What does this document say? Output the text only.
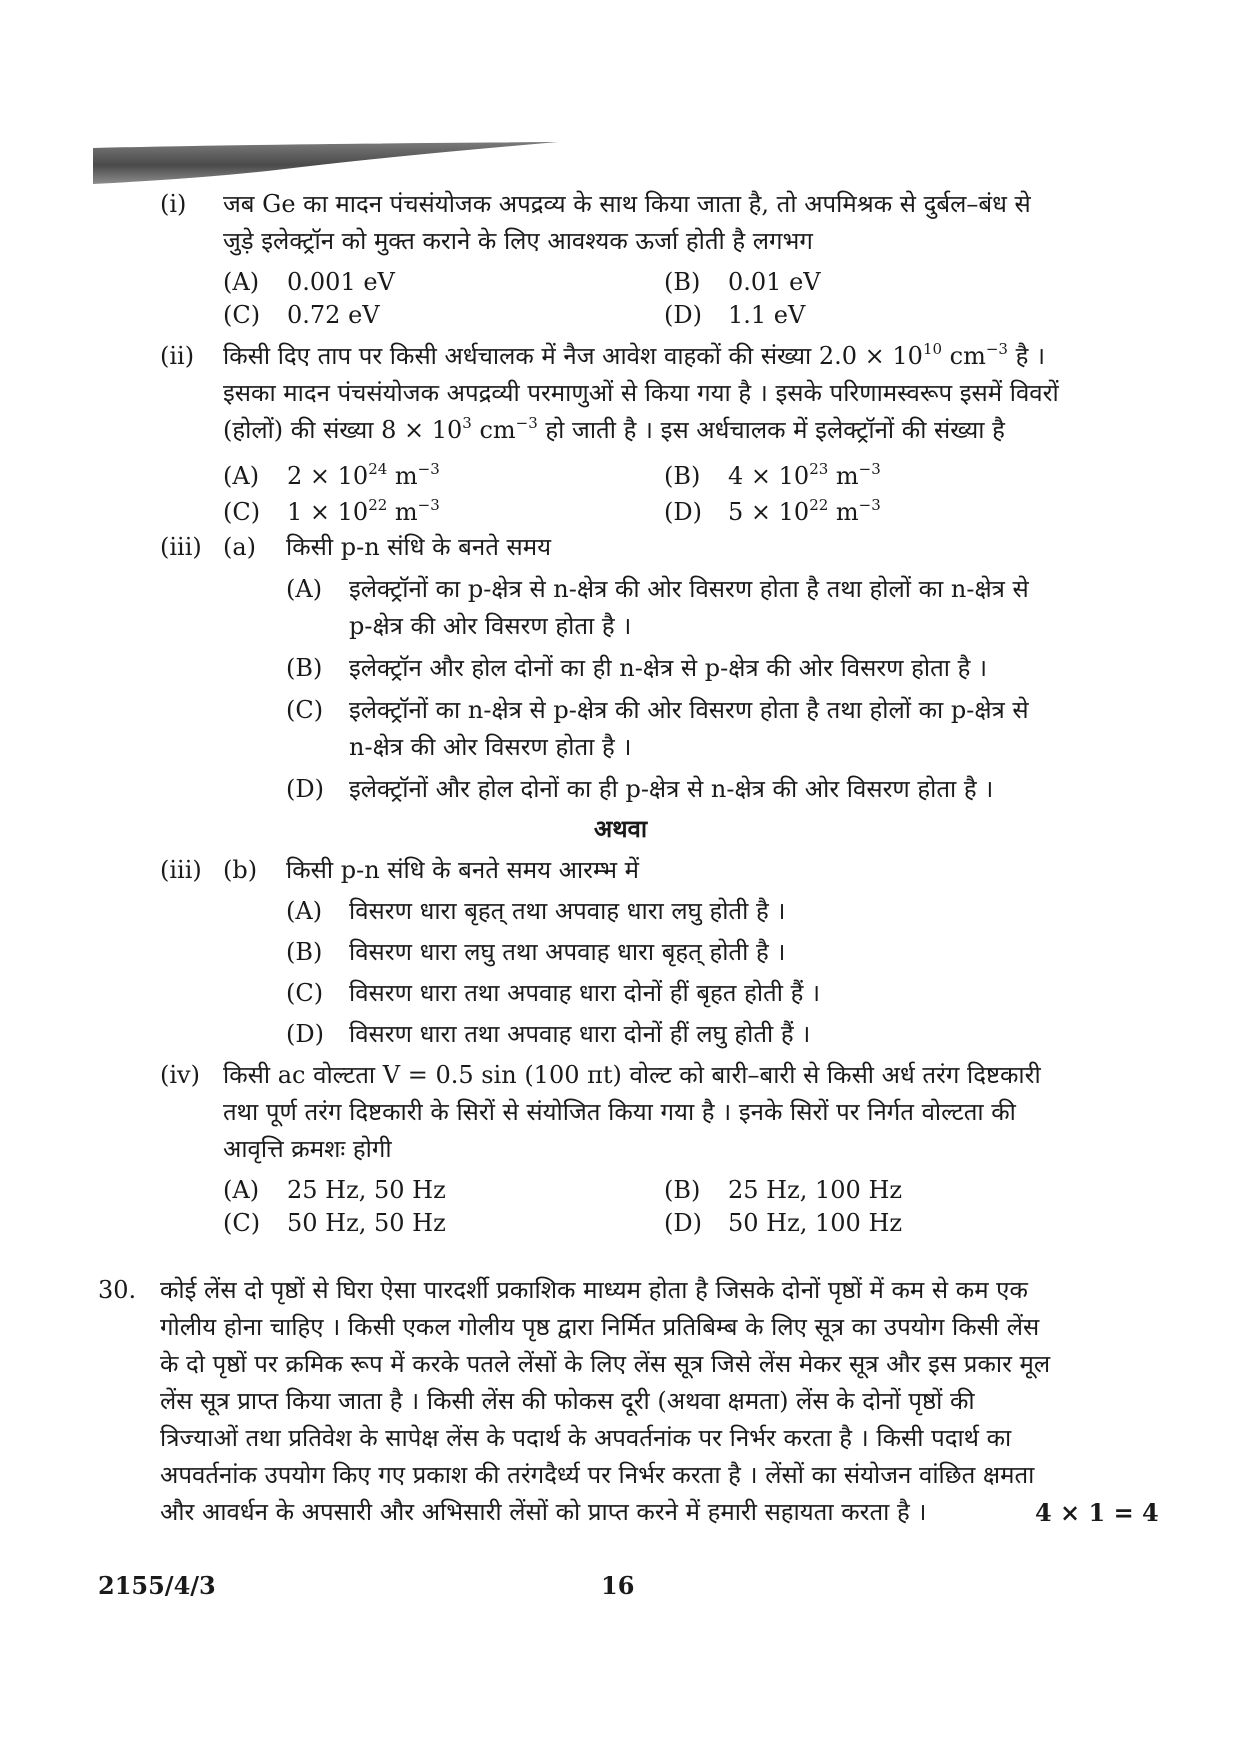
(i) जब Ge का मादन पंचसंयोजक अपद्रव्य के साथ किया जाता है, तो अपमिश्रक से दुर्बल–बंध से
जुड़े इलेक्ट्रॉन को मुक्त कराने के लिए आवश्यक ऊर्जा होती है लगभग
(A) 0.001 eV	(B) 0.01 eV
(C) 0.72 eV	(D) 1.1 eV
(ii) किसी दिए ताप पर किसी अर्धचालक में नैज आवेश वाहकों की संख्या $2.0 \times 10^{10}$ $cm^{-3}$ है ।
इसका मादन पंचसंयोजक अपद्रव्यी परमाणुओं से किया गया है । इसके परिणामस्वरूप इसमें विवरों
(होलों) की संख्या $8 \times 10^3$ $cm^{-3}$ हो जाती है । इस अर्धचालक में इलेक्ट्रॉनों की संख्या है
(A) $2 \times 10^{24}$ $m^{-3}$	(B) $4 \times 10^{23}$ $m^{-3}$
(C) $1 \times 10^{22}$ $m^{-3}$	(D) $5 \times 10^{22}$ $m^{-3}$
(iii) (a) किसी p-n संधि के बनते समय
(A) इलेक्ट्रॉनों का p-क्षेत्र से n-क्षेत्र की ओर विसरण होता है तथा होलों का n-क्षेत्र से
p-क्षेत्र की ओर विसरण होता है ।
(B) इलेक्ट्रॉन और होल दोनों का ही n-क्षेत्र से p-क्षेत्र की ओर विसरण होता है ।
(C) इलेक्ट्रॉनों का n-क्षेत्र से p-क्षेत्र की ओर विसरण होता है तथा होलों का p-क्षेत्र से
n-क्षेत्र की ओर विसरण होता है ।
(D) इलेक्ट्रॉनों और होल दोनों का ही p-क्षेत्र से n-क्षेत्र की ओर विसरण होता है ।
अथवा
(iii) (b) किसी p-n संधि के बनते समय आरम्भ में
(A) विसरण धारा बृहत् तथा अपवाह धारा लघु होती है ।
(B) विसरण धारा लघु तथा अपवाह धारा बृहत् होती है ।
(C) विसरण धारा तथा अपवाह धारा दोनों हीं बृहत होती हैं ।
(D) विसरण धारा तथा अपवाह धारा दोनों हीं लघु होती हैं ।
(iv) किसी ac वोल्टता V = 0.5 sin (100 πt) वोल्ट को बारी–बारी से किसी अर्ध तरंग दिष्टकारी
तथा पूर्ण तरंग दिष्टकारी के सिरों से संयोजित किया गया है । इनके सिरों पर निर्गत वोल्टता की
आवृत्ति क्रमशः होगी
(A) 25 Hz, 50 Hz	(B) 25 Hz, 100 Hz
(C) 50 Hz, 50 Hz	(D) 50 Hz, 100 Hz
30. कोई लेंस दो पृष्ठों से घिरा ऐसा पारदर्शी प्रकाशिक माध्यम होता है जिसके दोनों पृष्ठों में कम से कम एक
गोलीय होना चाहिए । किसी एकल गोलीय पृष्ठ द्वारा निर्मित प्रतिबिम्ब के लिए सूत्र का उपयोग किसी लेंस
के दो पृष्ठों पर क्रमिक रूप में करके पतले लेंसों के लिए लेंस सूत्र जिसे लेंस मेकर सूत्र और इस प्रकार मूल
लेंस सूत्र प्राप्त किया जाता है । किसी लेंस की फोकस दूरी (अथवा क्षमता) लेंस के दोनों पृष्ठों की
त्रिज्याओं तथा प्रतिवेश के सापेक्ष लेंस के पदार्थ के अपवर्तनांक पर निर्भर करता है । किसी पदार्थ का
अपवर्तनांक उपयोग किए गए प्रकाश की तरंगदैर्ध्य पर निर्भर करता है । लेंसों का संयोजन वांछित क्षमता
और आवर्धन के अपसारी और अभिसारी लेंसों को प्राप्त करने में हमारी सहायता करता है ।	4 × 1 = 4
2155/4/3	16
